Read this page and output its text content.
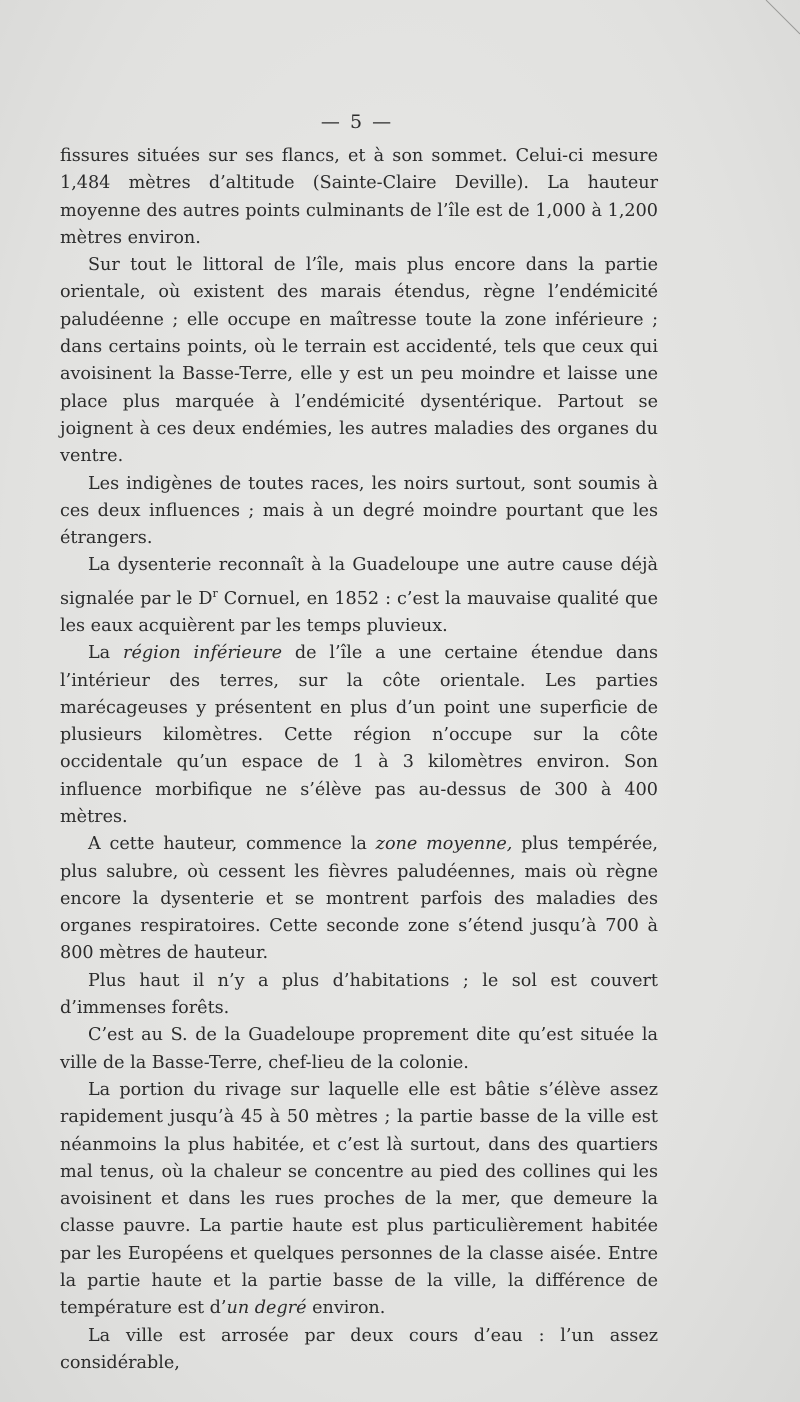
— 5 —

fissures situées sur ses flancs, et à son sommet. Celui-ci mesure 1,484 mètres d’altitude (Sainte-Claire Deville). La hauteur moyenne des autres points culminants de l’île est de 1,000 à 1,200 mètres environ.

Sur tout le littoral de l’île, mais plus encore dans la partie orientale, où existent des marais étendus, règne l’endémicité paludéenne ; elle occupe en maîtresse toute la zone inférieure ; dans certains points, où le terrain est accidenté, tels que ceux qui avoisinent la Basse-Terre, elle y est un peu moindre et laisse une place plus marquée à l’endémicité dysentérique. Partout se joignent à ces deux endémies, les autres maladies des organes du ventre.

Les indigènes de toutes races, les noirs surtout, sont soumis à ces deux influences ; mais à un degré moindre pourtant que les étrangers.

La dysenterie reconnaît à la Guadeloupe une autre cause déjà signalée par le $D^r$ Cornuel, en 1852 : c’est la mauvaise qualité que les eaux acquièrent par les temps pluvieux.

La région inférieure de l’île a une certaine étendue dans l’intérieur des terres, sur la côte orientale. Les parties marécageuses y présentent en plus d’un point une superficie de plusieurs kilomètres. Cette région n’occupe sur la côte occidentale qu’un espace de 1 à 3 kilomètres environ. Son influence morbifique ne s’élève pas au-dessus de 300 à 400 mètres.

A cette hauteur, commence la zone moyenne, plus tempérée, plus salubre, où cessent les fièvres paludéennes, mais où règne encore la dysenterie et se montrent parfois des maladies des organes respiratoires. Cette seconde zone s’étend jusqu’à 700 à 800 mètres de hauteur.

Plus haut il n’y a plus d’habitations ; le sol est couvert d’immenses forêts.

C’est au S. de la Guadeloupe proprement dite qu’est située la ville de la Basse-Terre, chef-lieu de la colonie.

La portion du rivage sur laquelle elle est bâtie s’élève assez rapidement jusqu’à 45 à 50 mètres ; la partie basse de la ville est néanmoins la plus habitée, et c’est là surtout, dans des quartiers mal tenus, où la chaleur se concentre au pied des collines qui les avoisinent et dans les rues proches de la mer, que demeure la classe pauvre. La partie haute est plus particulièrement habitée par les Européens et quelques personnes de la classe aisée. Entre la partie haute et la partie basse de la ville, la différence de température est d’un degré environ.

La ville est arrosée par deux cours d’eau : l’un assez considérable,
